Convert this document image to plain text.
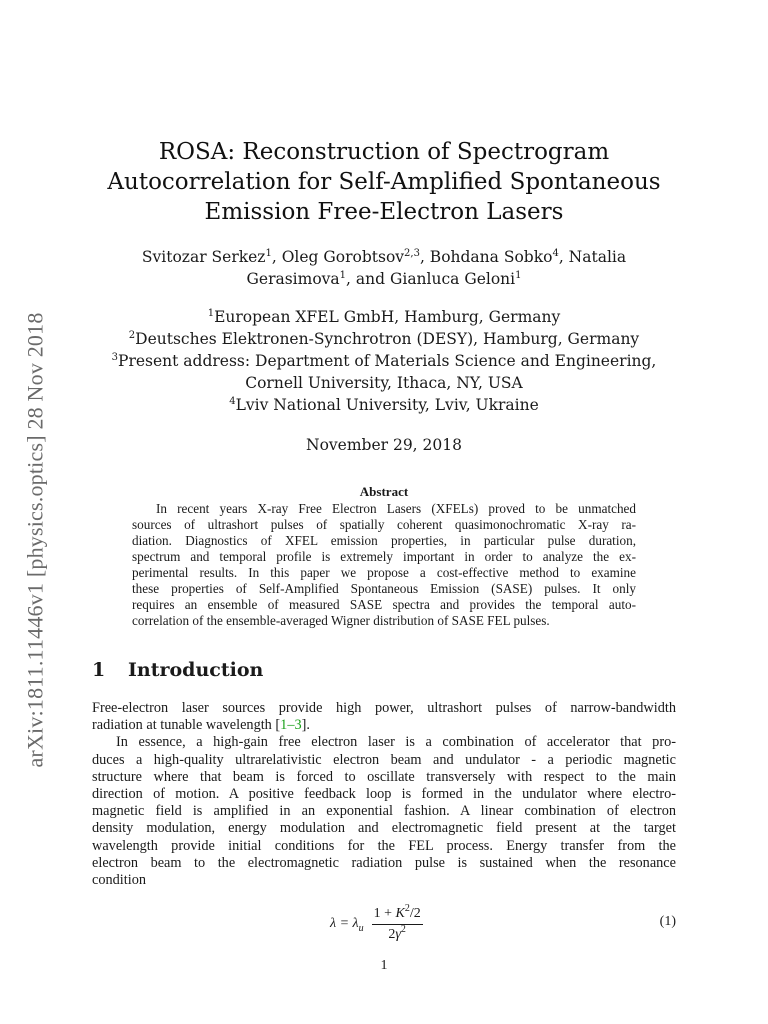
arXiv:1811.11446v1 [physics.optics] 28 Nov 2018
ROSA: Reconstruction of Spectrogram
Autocorrelation for Self-Amplified Spontaneous
Emission Free-Electron Lasers
Svitozar Serkez$^1$, Oleg Gorobtsov$^{2,3}$, Bohdana Sobko$^4$, Natalia
Gerasimova$^1$, and Gianluca Geloni$^1$
$^1$European XFEL GmbH, Hamburg, Germany
$^2$Deutsches Elektronen-Synchrotron (DESY), Hamburg, Germany
$^3$Present address: Department of Materials Science and Engineering,
Cornell University, Ithaca, NY, USA
$^4$Lviv National University, Lviv, Ukraine
November 29, 2018
Abstract
In recent years X-ray Free Electron Lasers (XFELs) proved to be unmatched
sources of ultrashort pulses of spatially coherent quasimonochromatic X-ray ra-
diation. Diagnostics of XFEL emission properties, in particular pulse duration,
spectrum and temporal profile is extremely important in order to analyze the ex-
perimental results. In this paper we propose a cost-effective method to examine
these properties of Self-Amplified Spontaneous Emission (SASE) pulses. It only
requires an ensemble of measured SASE spectra and provides the temporal auto-
correlation of the ensemble-averaged Wigner distribution of SASE FEL pulses.
1 Introduction
Free-electron laser sources provide high power, ultrashort pulses of narrow-bandwidth
radiation at tunable wavelength [1–3].
In essence, a high-gain free electron laser is a combination of accelerator that pro-
duces a high-quality ultrarelativistic electron beam and undulator - a periodic magnetic
structure where that beam is forced to oscillate transversely with respect to the main
direction of motion. A positive feedback loop is formed in the undulator where electro-
magnetic field is amplified in an exponential fashion. A linear combination of electron
density modulation, energy modulation and electromagnetic field present at the target
wavelength provide initial conditions for the FEL process. Energy transfer from the
electron beam to the electromagnetic radiation pulse is sustained when the resonance
condition
$\lambda = \lambda_u \frac{1 + K^2/2}{2\gamma^2}$	(1)
1
